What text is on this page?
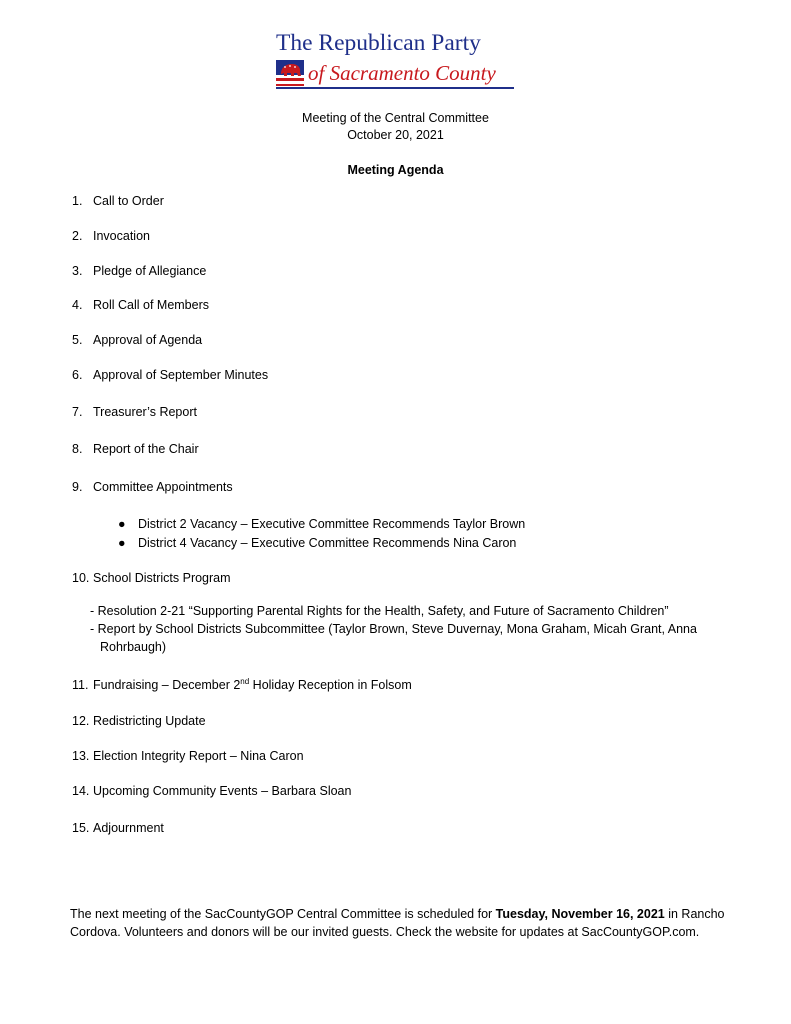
The Republican Party
of Sacramento County
Meeting of the Central Committee
October 20, 2021
Meeting Agenda
1. Call to Order
2. Invocation
3. Pledge of Allegiance
4. Roll Call of Members
5. Approval of Agenda
6. Approval of September Minutes
7. Treasurer’s Report
8. Report of the Chair
9. Committee Appointments
● District 2 Vacancy – Executive Committee Recommends Taylor Brown
● District 4 Vacancy – Executive Committee Recommends Nina Caron
10. School Districts Program
- Resolution 2-21 “Supporting Parental Rights for the Health, Safety, and Future of Sacramento Children”
- Report by School Districts Subcommittee (Taylor Brown, Steve Duvernay, Mona Graham, Micah Grant, Anna
Rohrbaugh)
11. Fundraising – December 2nd Holiday Reception in Folsom
12. Redistricting Update
13. Election Integrity Report – Nina Caron
14. Upcoming Community Events – Barbara Sloan
15. Adjournment
The next meeting of the SacCountyGOP Central Committee is scheduled for Tuesday, November 16, 2021 in Rancho Cordova. Volunteers and donors will be our invited guests. Check the website for updates at SacCountyGOP.com.
